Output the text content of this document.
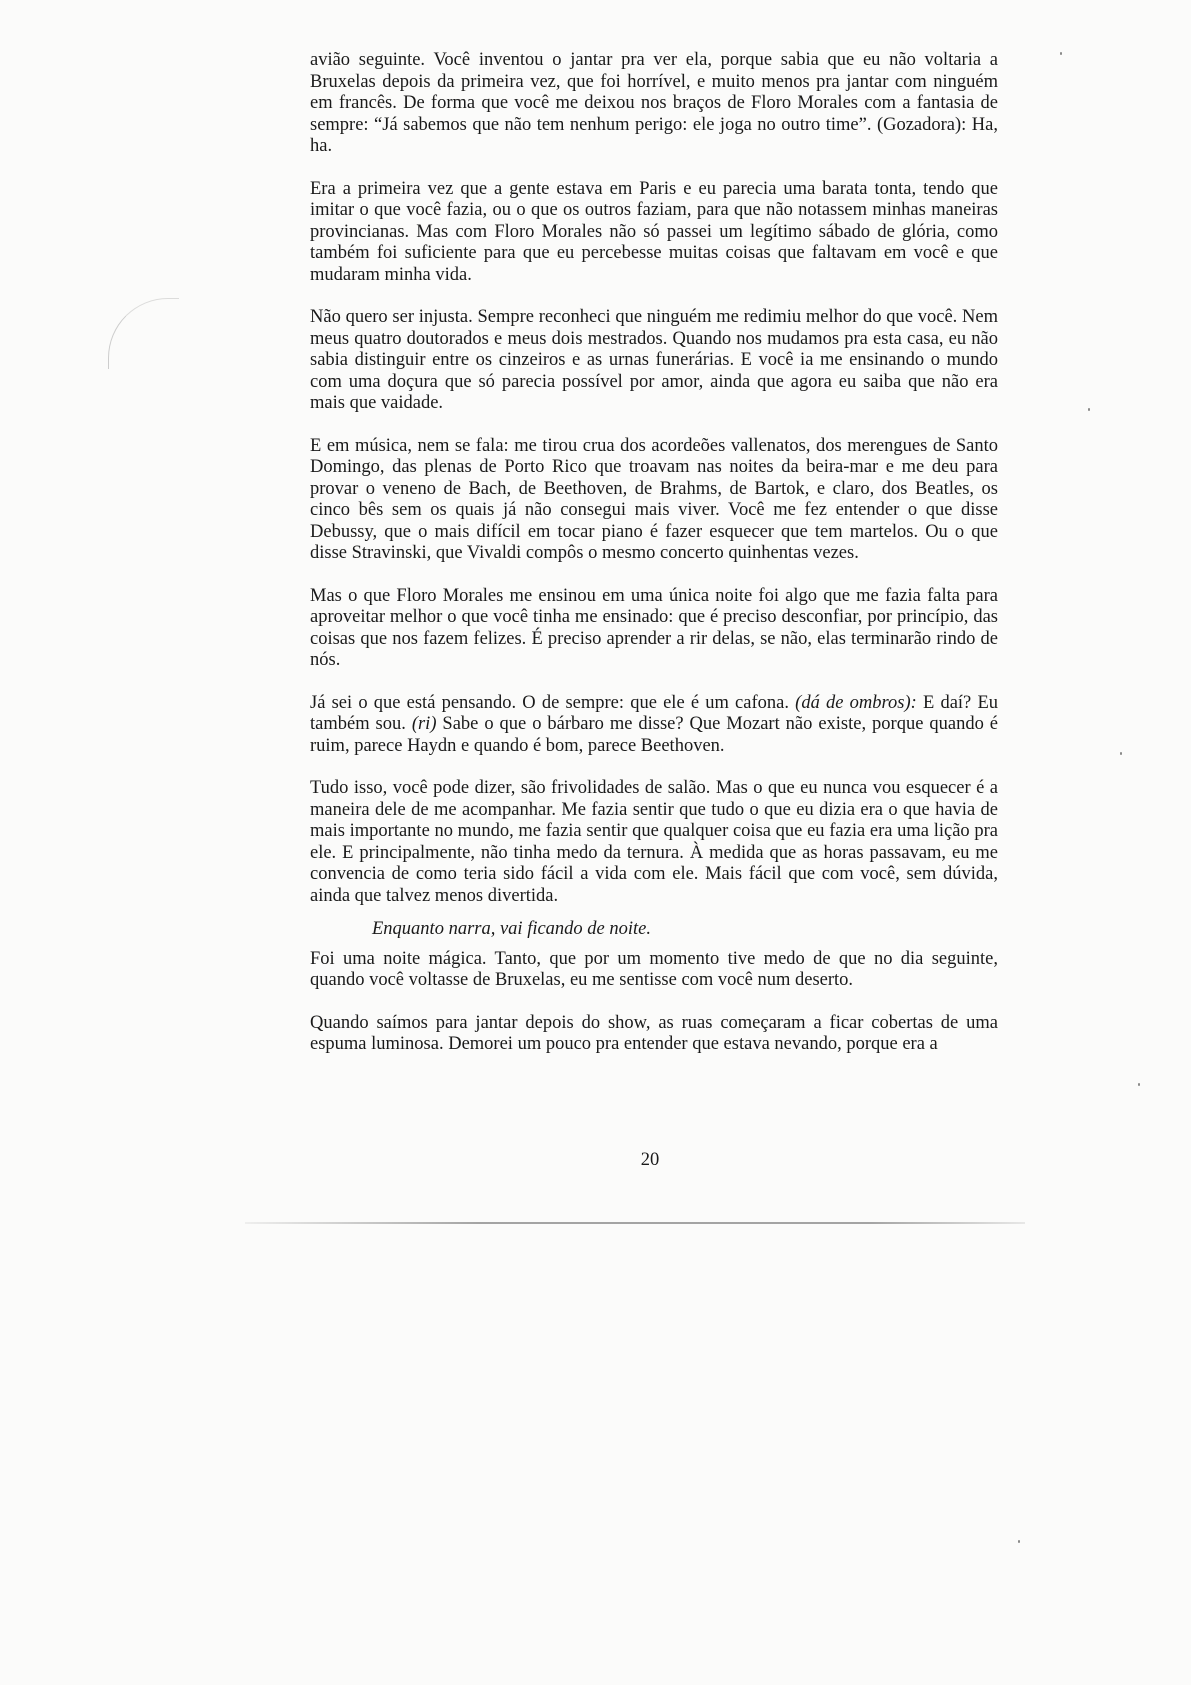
avião seguinte. Você inventou o jantar pra ver ela, porque sabia que eu não voltaria a Bruxelas depois da primeira vez, que foi horrível, e muito menos pra jantar com ninguém em francês. De forma que você me deixou nos braços de Floro Morales com a fantasia de sempre: “Já sabemos que não tem nenhum perigo: ele joga no outro time”. (Gozadora): Ha, ha.

Era a primeira vez que a gente estava em Paris e eu parecia uma barata tonta, tendo que imitar o que você fazia, ou o que os outros faziam, para que não notassem minhas maneiras provincianas. Mas com Floro Morales não só passei um legítimo sábado de glória, como também foi suficiente para que eu percebesse muitas coisas que faltavam em você e que mudaram minha vida.

Não quero ser injusta. Sempre reconheci que ninguém me redimiu melhor do que você. Nem meus quatro doutorados e meus dois mestrados. Quando nos mudamos pra esta casa, eu não sabia distinguir entre os cinzeiros e as urnas funerárias. E você ia me ensinando o mundo com uma doçura que só parecia possível por amor, ainda que agora eu saiba que não era mais que vaidade.

E em música, nem se fala: me tirou crua dos acordeões vallenatos, dos merengues de Santo Domingo, das plenas de Porto Rico que troavam nas noites da beira-mar e me deu para provar o veneno de Bach, de Beethoven, de Brahms, de Bartok, e claro, dos Beatles, os cinco bês sem os quais já não consegui mais viver. Você me fez entender o que disse Debussy, que o mais difícil em tocar piano é fazer esquecer que tem martelos. Ou o que disse Stravinski, que Vivaldi compôs o mesmo concerto quinhentas vezes.

Mas o que Floro Morales me ensinou em uma única noite foi algo que me fazia falta para aproveitar melhor o que você tinha me ensinado: que é preciso desconfiar, por princípio, das coisas que nos fazem felizes. É preciso aprender a rir delas, se não, elas terminarão rindo de nós.

Já sei o que está pensando. O de sempre: que ele é um cafona. (dá de ombros): E daí? Eu também sou. (ri) Sabe o que o bárbaro me disse? Que Mozart não existe, porque quando é ruim, parece Haydn e quando é bom, parece Beethoven.

Tudo isso, você pode dizer, são frivolidades de salão. Mas o que eu nunca vou esquecer é a maneira dele de me acompanhar. Me fazia sentir que tudo o que eu dizia era o que havia de mais importante no mundo, me fazia sentir que qualquer coisa que eu fazia era uma lição pra ele. E principalmente, não tinha medo da ternura. À medida que as horas passavam, eu me convencia de como teria sido fácil a vida com ele. Mais fácil que com você, sem dúvida, ainda que talvez menos divertida.

Enquanto narra, vai ficando de noite.

Foi uma noite mágica. Tanto, que por um momento tive medo de que no dia seguinte, quando você voltasse de Bruxelas, eu me sentisse com você num deserto.

Quando saímos para jantar depois do show, as ruas começaram a ficar cobertas de uma espuma luminosa. Demorei um pouco pra entender que estava nevando, porque era a

20
